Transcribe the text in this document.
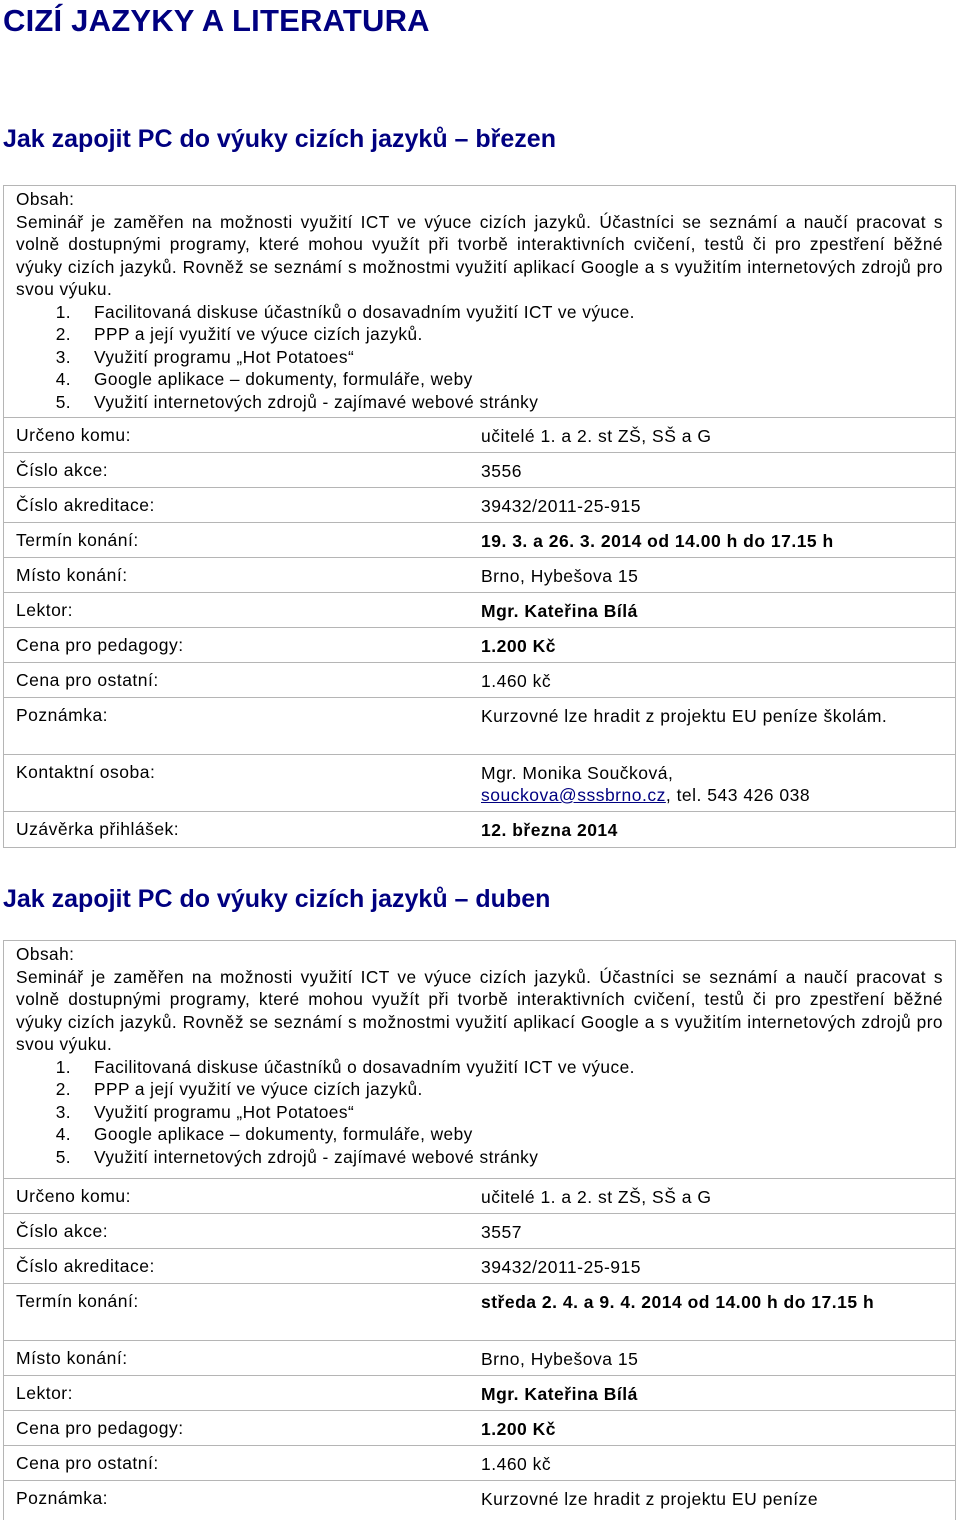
CIZÍ JAZYKY A LITERATURA
Jak zapojit PC do výuky cizích jazyků – březen

Obsah:

Seminář je zaměřen na možnosti využití ICT ve výuce cizích jazyků. Účastníci se seznámí a naučí pracovat s volně dostupnými programy, které mohou využít při tvorbě interaktivních cvičení, testů či pro zpestření běžné výuky cizích jazyků. Rovněž se seznámí s možnostmi využití aplikací Google a s využitím internetových zdrojů pro svou výuku.

1. Facilitovaná diskuse účastníků o dosavadním využití ICT ve výuce.
2. PPP a její využití ve výuce cizích jazyků.
3. Využití programu „Hot Potatoes“
4. Google aplikace – dokumenty, formuláře, weby
5. Využití internetových zdrojů - zajímavé webové stránky
Určeno komu:	učitelé 1. a 2. st ZŠ, SŠ a G
Číslo akce:	3556
Číslo akreditace:	39432/2011-25-915
Termín konání:	19. 3. a 26. 3. 2014 od 14.00 h do 17.15 h
Místo konání:	Brno, Hybešova 15
Lektor:	Mgr. Kateřina Bílá
Cena pro pedagogy:	1.200 Kč
Cena pro ostatní:	1.460 kč
Poznámka:	Kurzovné lze hradit z projektu EU peníze školám.
Kontaktní osoba:	Mgr. Monika Součková,
souckova@sssbrno.cz, tel. 543 426 038
Uzávěrka přihlášek:	12. března 2014
Jak zapojit PC do výuky cizích jazyků – duben

Obsah:

Seminář je zaměřen na možnosti využití ICT ve výuce cizích jazyků. Účastníci se seznámí a naučí pracovat s volně dostupnými programy, které mohou využít při tvorbě interaktivních cvičení, testů či pro zpestření běžné výuky cizích jazyků. Rovněž se seznámí s možnostmi využití aplikací Google a s využitím internetových zdrojů pro svou výuku.

1. Facilitovaná diskuse účastníků o dosavadním využití ICT ve výuce.
2. PPP a její využití ve výuce cizích jazyků.
3. Využití programu „Hot Potatoes“
4. Google aplikace – dokumenty, formuláře, weby
5. Využití internetových zdrojů - zajímavé webové stránky
Určeno komu:	učitelé 1. a 2. st ZŠ, SŠ a G
Číslo akce:	3557
Číslo akreditace:	39432/2011-25-915
Termín konání:	středa 2. 4. a 9. 4. 2014 od 14.00 h do 17.15 h
Místo konání:	Brno, Hybešova 15
Lektor:	Mgr. Kateřina Bílá
Cena pro pedagogy:	1.200 Kč
Cena pro ostatní:	1.460 kč
Poznámka:	Kurzovné lze hradit z projektu EU peníze
